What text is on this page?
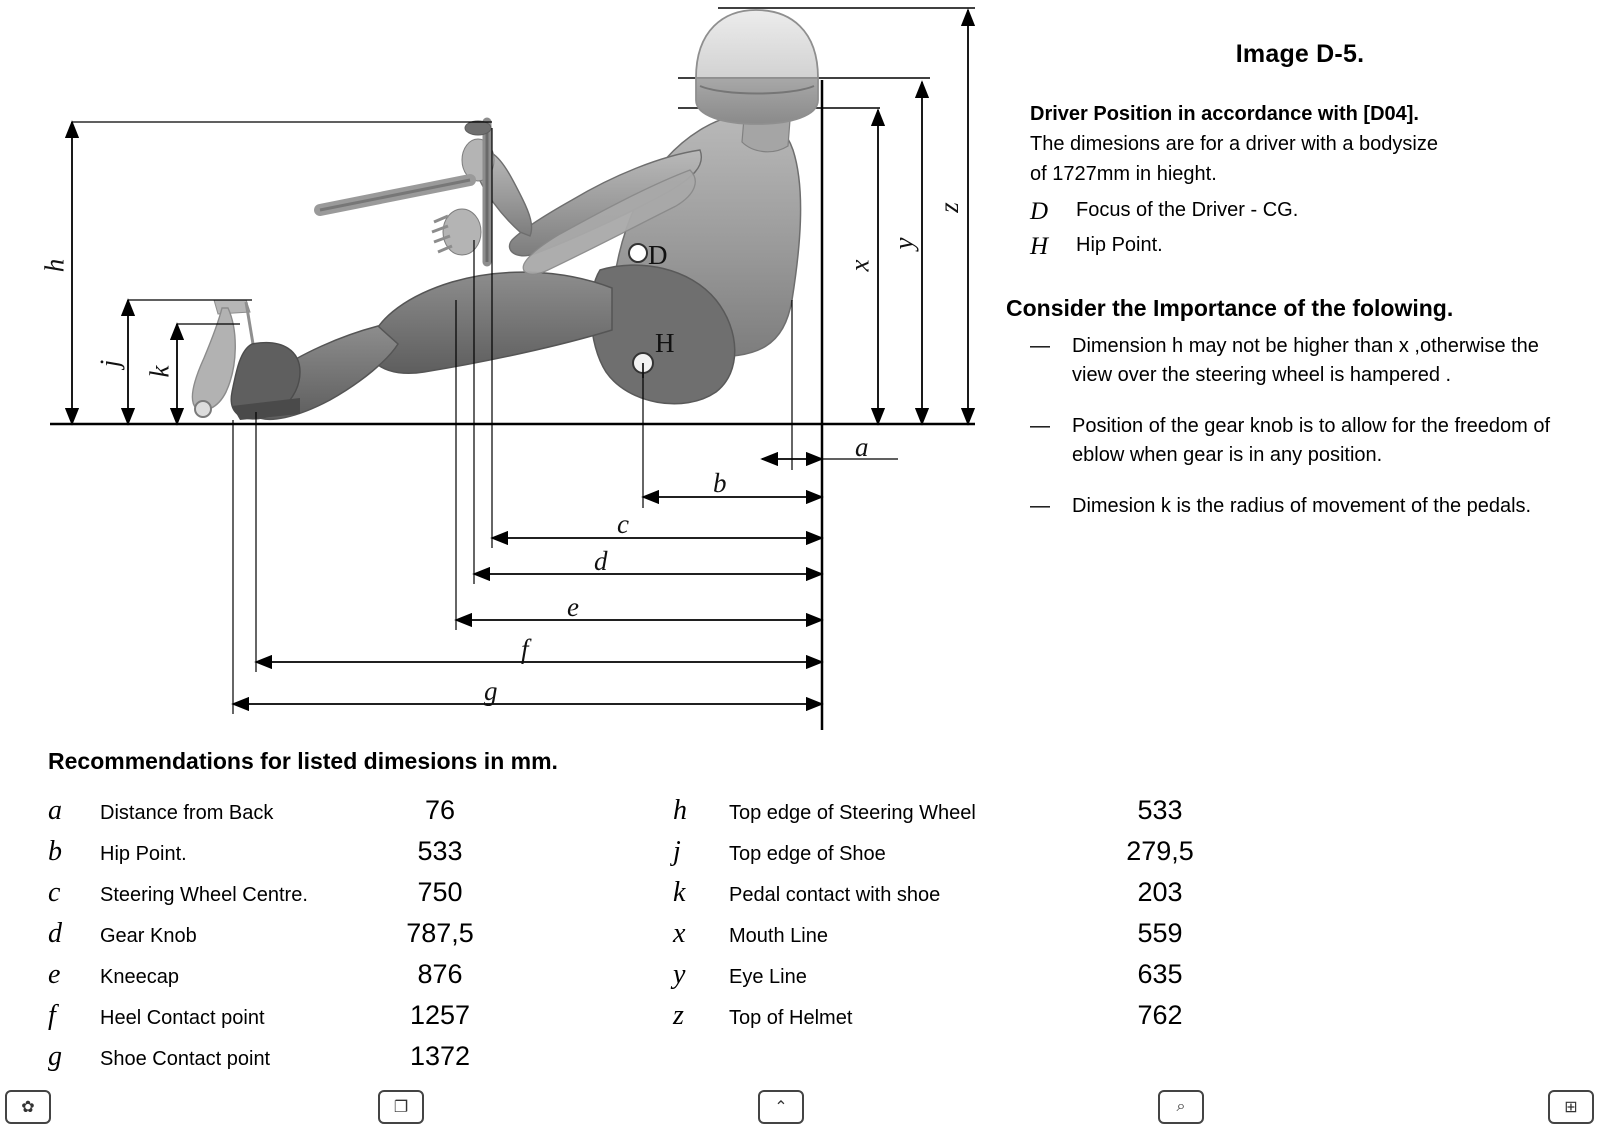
D
H
h
j
k
x
y
z
a
b
c
d
e
f
g
Image D-5.
Driver Position in accordance with [D04].
The dimesions are for a driver with a bodysize
of 1727mm in hieght.
D	Focus of the Driver - CG.
H	Hip Point.
Consider the Importance of the folowing.
—	Dimension h may not be higher than x ,otherwise the view over the steering wheel is hampered .
—	Position of the gear knob is to allow for the freedom of eblow when gear is in any position.
—	Dimesion k is the radius of movement of the pedals.
Recommendations for listed dimesions in mm.
a	Distance from Back	76
b	Hip Point.	533
c	Steering Wheel Centre.	750
d	Gear Knob	787,5
e	Kneecap	876
f	Heel Contact point	1257
g	Shoe Contact point	1372
h	Top edge of Steering Wheel	533
j	Top edge of Shoe	279,5
k	Pedal contact with shoe	203
x	Mouth Line	559
y	Eye Line	635
z	Top of Helmet	762
✿	❐	⌃	⌕	⊞
